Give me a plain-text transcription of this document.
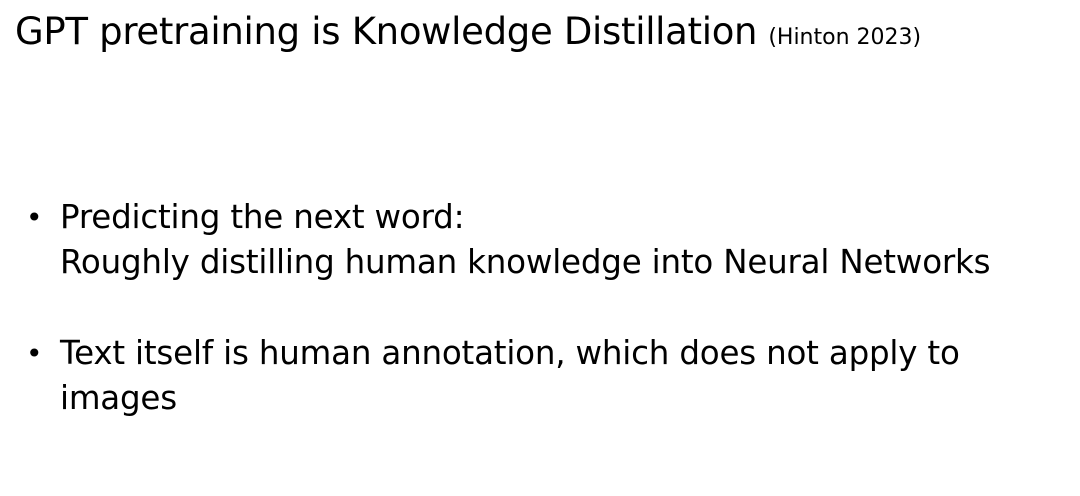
GPT pretraining is Knowledge Distillation (Hinton 2023)
• Predicting the next word:
Roughly distilling human knowledge into Neural Networks
• Text itself is human annotation, which does not apply to
images
